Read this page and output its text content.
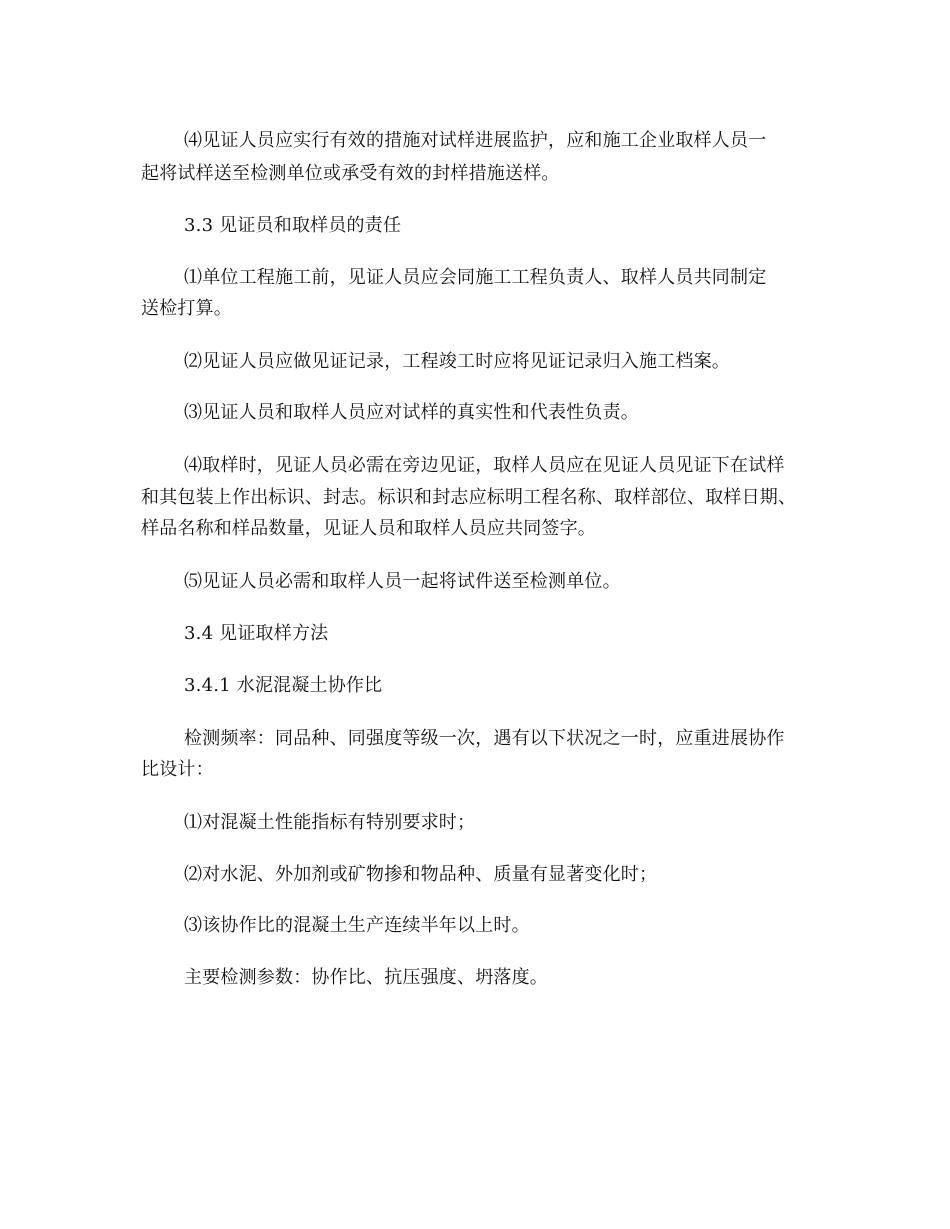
⑷见证人员应实行有效的措施对试样进展监护，应和施工企业取样人员一
起将试样送至检测单位或承受有效的封样措施送样。
3.3 见证员和取样员的责任
⑴单位工程施工前，见证人员应会同施工工程负责人、取样人员共同制定
送检打算。
⑵见证人员应做见证记录，工程竣工时应将见证记录归入施工档案。
⑶见证人员和取样人员应对试样的真实性和代表性负责。
⑷取样时，见证人员必需在旁边见证，取样人员应在见证人员见证下在试样
和其包装上作出标识、封志。标识和封志应标明工程名称、取样部位、取样日期、
样品名称和样品数量，见证人员和取样人员应共同签字。
⑸见证人员必需和取样人员一起将试件送至检测单位。
3.4 见证取样方法
3.4.1 水泥混凝土协作比
检测频率：同品种、同强度等级一次，遇有以下状况之一时，应重进展协作
比设计：
⑴对混凝土性能指标有特别要求时；
⑵对水泥、外加剂或矿物掺和物品种、质量有显著变化时；
⑶该协作比的混凝土生产连续半年以上时。
主要检测参数：协作比、抗压强度、坍落度。
